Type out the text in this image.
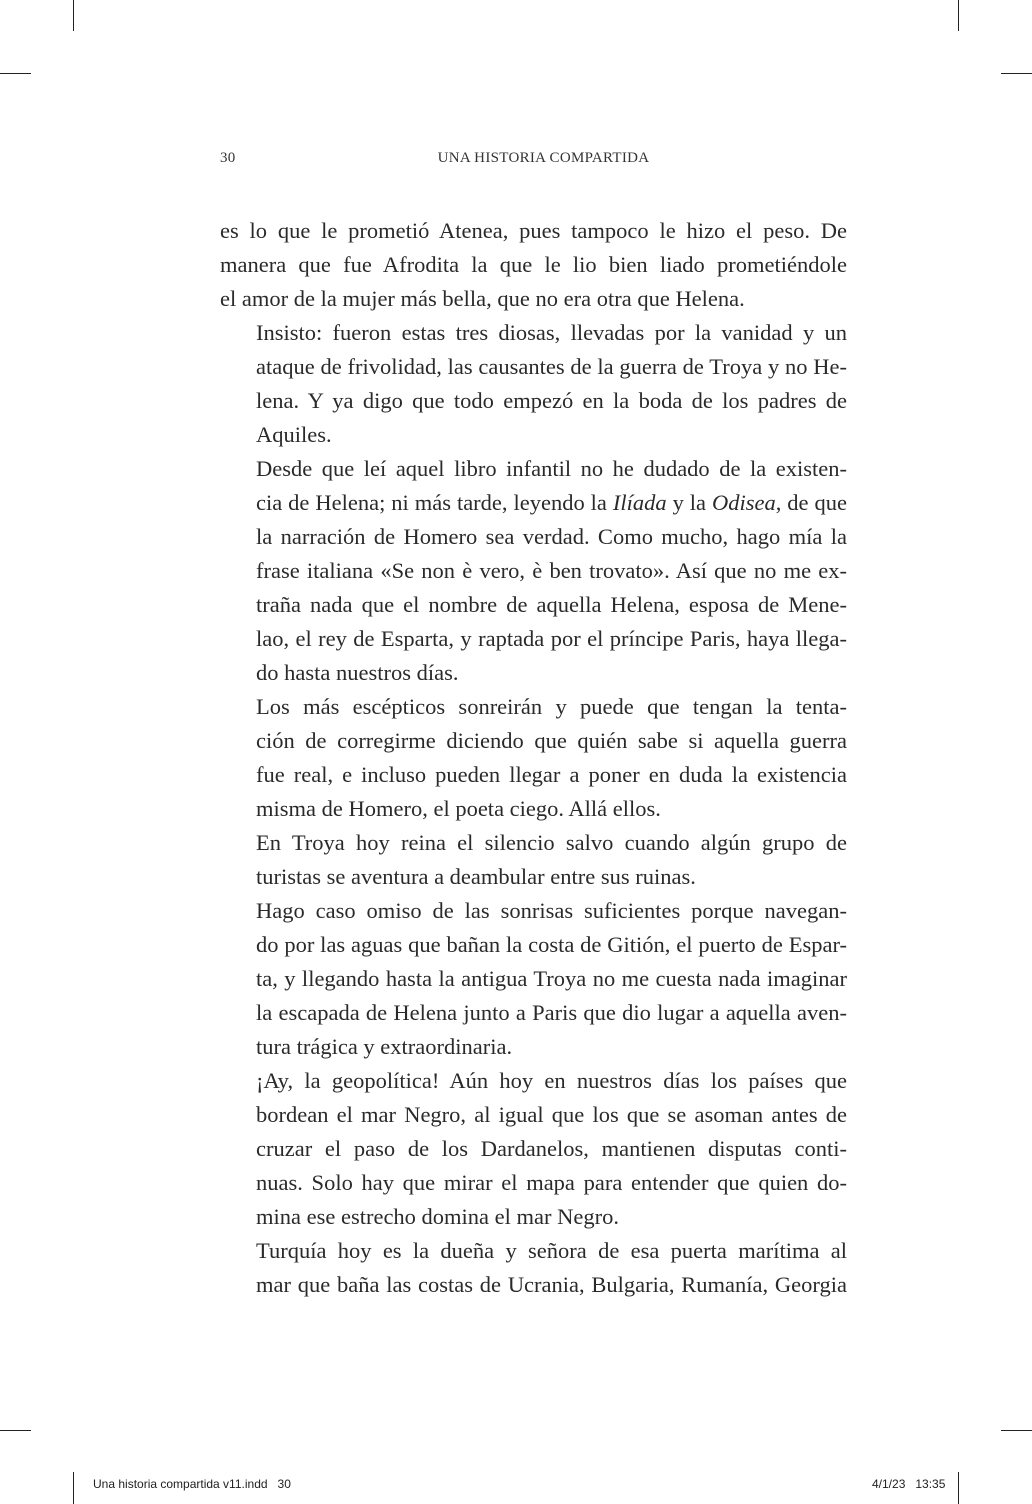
30	UNA HISTORIA COMPARTIDA

es lo que le prometió Atenea, pues tampoco le hizo el peso. De
manera que fue Afrodita la que le lio bien liado prometiéndole
el amor de la mujer más bella, que no era otra que Helena.

Insisto: fueron estas tres diosas, llevadas por la vanidad y un
ataque de frivolidad, las causantes de la guerra de Troya y no He-
lena. Y ya digo que todo empezó en la boda de los padres de
Aquiles.

Desde que leí aquel libro infantil no he dudado de la existen-
cia de Helena; ni más tarde, leyendo la Ilíada y la Odisea, de que
la narración de Homero sea verdad. Como mucho, hago mía la
frase italiana «Se non è vero, è ben trovato». Así que no me ex-
traña nada que el nombre de aquella Helena, esposa de Mene-
lao, el rey de Esparta, y raptada por el príncipe Paris, haya llega-
do hasta nuestros días.

Los más escépticos sonreirán y puede que tengan la tenta-
ción de corregirme diciendo que quién sabe si aquella guerra
fue real, e incluso pueden llegar a poner en duda la existencia
misma de Homero, el poeta ciego. Allá ellos.

En Troya hoy reina el silencio salvo cuando algún grupo de
turistas se aventura a deambular entre sus ruinas.

Hago caso omiso de las sonrisas suficientes porque navegan-
do por las aguas que bañan la costa de Gitión, el puerto de Espar-
ta, y llegando hasta la antigua Troya no me cuesta nada imaginar
la escapada de Helena junto a Paris que dio lugar a aquella aven-
tura trágica y extraordinaria.

¡Ay, la geopolítica! Aún hoy en nuestros días los países que
bordean el mar Negro, al igual que los que se asoman antes de
cruzar el paso de los Dardanelos, mantienen disputas conti-
nuas. Solo hay que mirar el mapa para entender que quien do-
mina ese estrecho domina el mar Negro.

Turquía hoy es la dueña y señora de esa puerta marítima al
mar que baña las costas de Ucrania, Bulgaria, Rumanía, Georgia

Una historia compartida v11.indd   30	4/1/23   13:35
